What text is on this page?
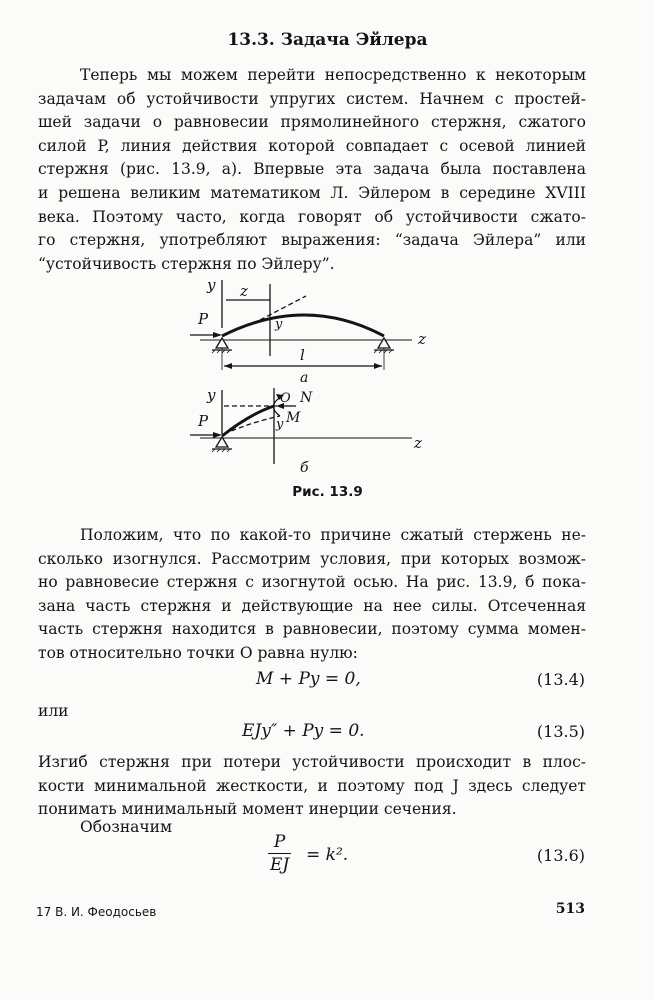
13.3. Задача Эйлера
Теперь мы можем перейти непосредственно к некоторым
задачам об устойчивости упругих систем. Начнем с простей-
шей задачи о равновесии прямолинейного стержня, сжатого
силой P, линия действия которой совпадает с осевой линией
стержня (рис. 13.9, a). Впервые эта задача была поставлена
и решена великим математиком Л. Эйлером в середине XVIII
века. Поэтому часто, когда говорят об устойчивости сжато-
го стержня, употребляют выражения: “задача Эйлера” или
“устойчивость стержня по Эйлеру”.
y z
P	y
l
z
a
y
P
O N
M
y
z
б
Рис. 13.9
Положим, что по какой-то причине сжатый стержень не-
сколько изогнулся. Рассмотрим условия, при которых возмож-
но равновесие стержня с изогнутой осью. На рис. 13.9, б пока-
зана часть стержня и действующие на нее силы. Отсеченная
часть стержня находится в равновесии, поэтому сумма момен-
тов относительно точки O равна нулю:
M + Py = 0,	(13.4)
или
EJy″ + Py = 0.	(13.5)
Изгиб стержня при потери устойчивости происходит в плос-
кости минимальной жесткости, и поэтому под J здесь следует
понимать минимальный момент инерции сечения.
Обозначим
P
EJ = k².	(13.6)
17 В. И. Феодосьев	513
